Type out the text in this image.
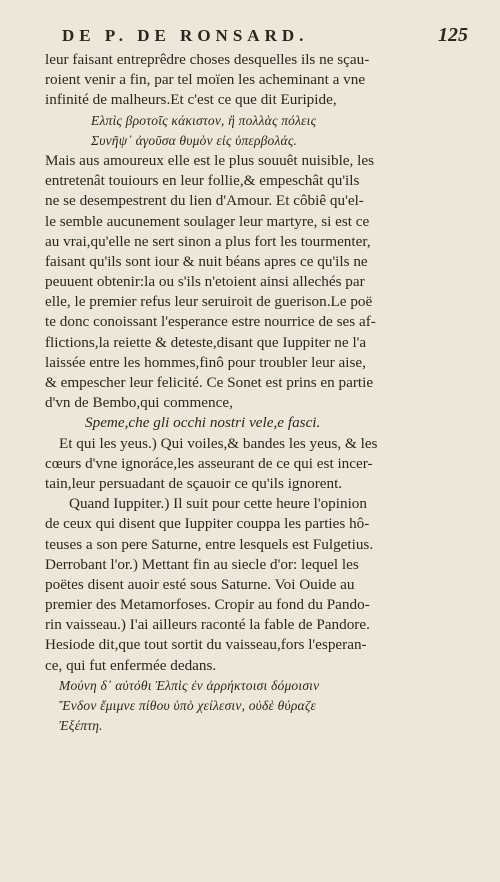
DE P. DE RONSARD.	125
leur faisant entreprêdre choses desquelles ils ne sçau-
roient venir a fin, par tel moïen les acheminant a vne
infinité de malheurs.Et c'est ce que dit Euripide,
Ελπὶς βροτοῖς κάκιστον, ἣ πολλὰς πόλεις
Συνῆψ᾽ ἀγοῦσα θυμὸν εἰς ὑπερβολάς.
Mais aus amoureux elle est le plus souuêt nuisible, les
entretenât touiours en leur follie,& empeschât qu'ils
ne se desempestrent du lien d'Amour. Et côbiê qu'el-
le semble aucunement soulager leur martyre, si est ce
au vrai,qu'elle ne sert sinon a plus fort les tourmenter,
faisant qu'ils sont iour & nuit béans apres ce qu'ils ne
peuuent obtenir:la ou s'ils n'etoient ainsi allechés par
elle, le premier refus leur seruiroit de guerison.Le poë
te donc conoissant l'esperance estre nourrice de ses af-
flictions,la reiette & deteste,disant que Iuppiter ne l'a
laissée entre les hommes,finô pour troubler leur aise,
& empescher leur felicité. Ce Sonet est prins en partie
d'vn de Bembo,qui commence,
Speme,che gli occhi nostri vele,e fasci.
Et qui les yeus.) Qui voiles,& bandes les yeus, & les
cœurs d'vne ignoráce,les asseurant de ce qui est incer-
tain,leur persuadant de sçauoir ce qu'ils ignorent.
Quand Iuppiter.) Il suit pour cette heure l'opinion
de ceux qui disent que Iuppiter couppa les parties hô-
teuses a son pere Saturne, entre lesquels est Fulgetius.
Derrobant l'or.) Mettant fin au siecle d'or: lequel les
poëtes disent auoir esté sous Saturne. Voi Ouide au
premier des Metamorfoses. Cropir au fond du Pando-
rin vaisseau.) I'ai ailleurs raconté la fable de Pandore.
Hesiode dit,que tout sortit du vaisseau,fors l'esperan-
ce, qui fut enfermée dedans.
Μούνη δ᾽ αὐτόθι Ἐλπὶς ἐν ἀρρήκτοισι δόμοισιν
Ἔνδον ἔμιμνε πίθου ὑπὸ χείλεσιν, οὐδὲ θύραζε
Ἐξέπτη.
